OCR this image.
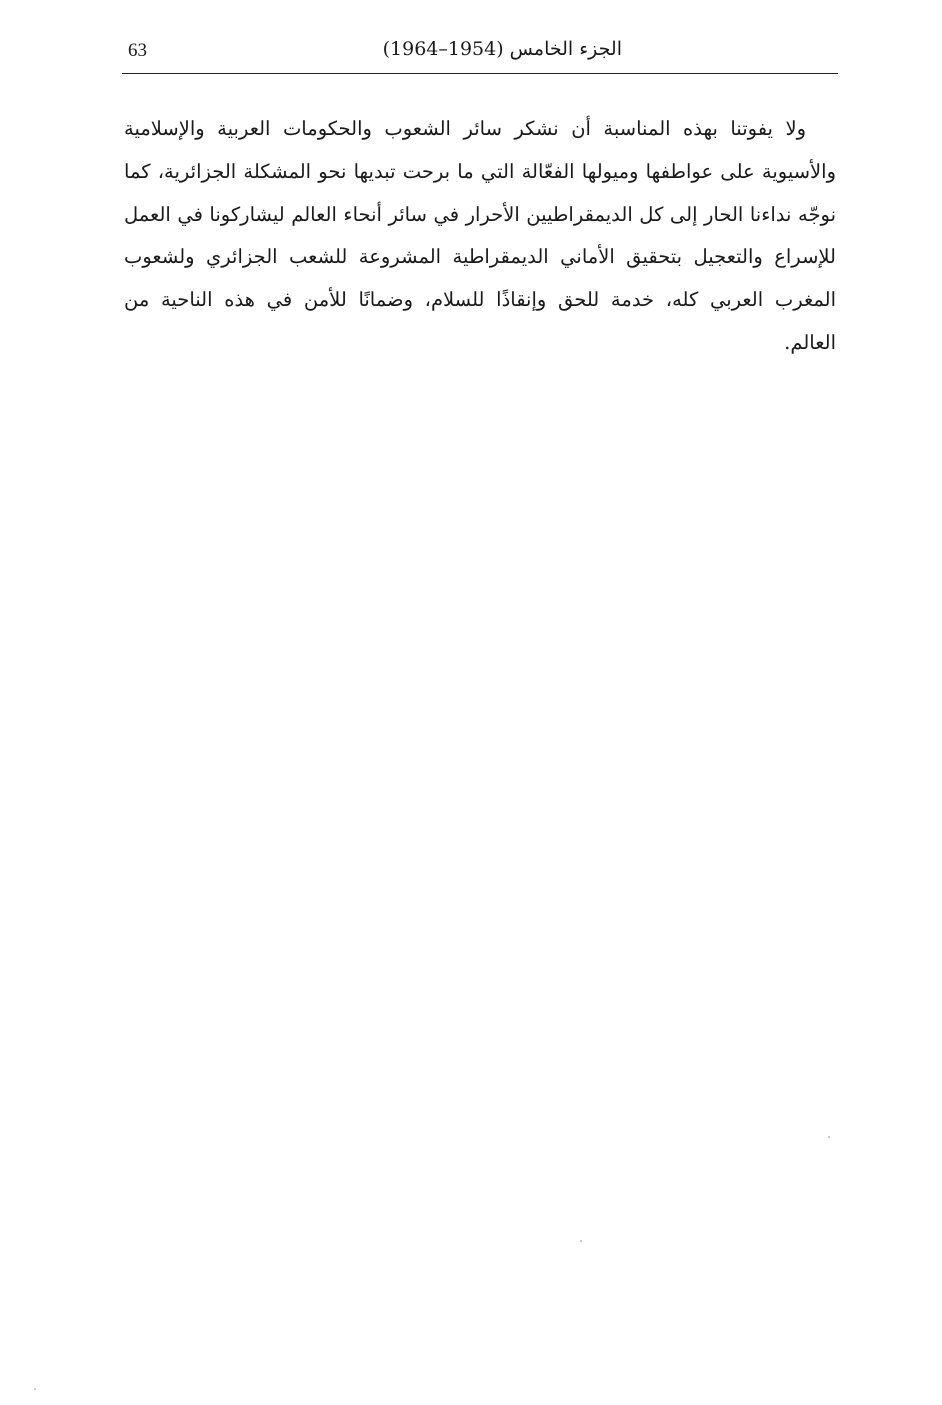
63	الجزء الخامس (1954–1964)
ولا يفوتنا بهذه المناسبة أن نشكر سائر الشعوب والحكومات العربية والإسلامية
والأسيوية على عواطفها وميولها الفعّالة التي ما برحت تبديها نحو المشكلة الجزائرية، كما
نوجّه نداءنا الحار إلى كل الديمقراطيين الأحرار في سائر أنحاء العالم ليشاركونا في العمل
للإسراع والتعجيل بتحقيق الأماني الديمقراطية المشروعة للشعب الجزائري ولشعوب
المغرب العربي كله، خدمة للحق وإنقاذًا للسلام، وضمانًا للأمن في هذه الناحية من
العالم.
